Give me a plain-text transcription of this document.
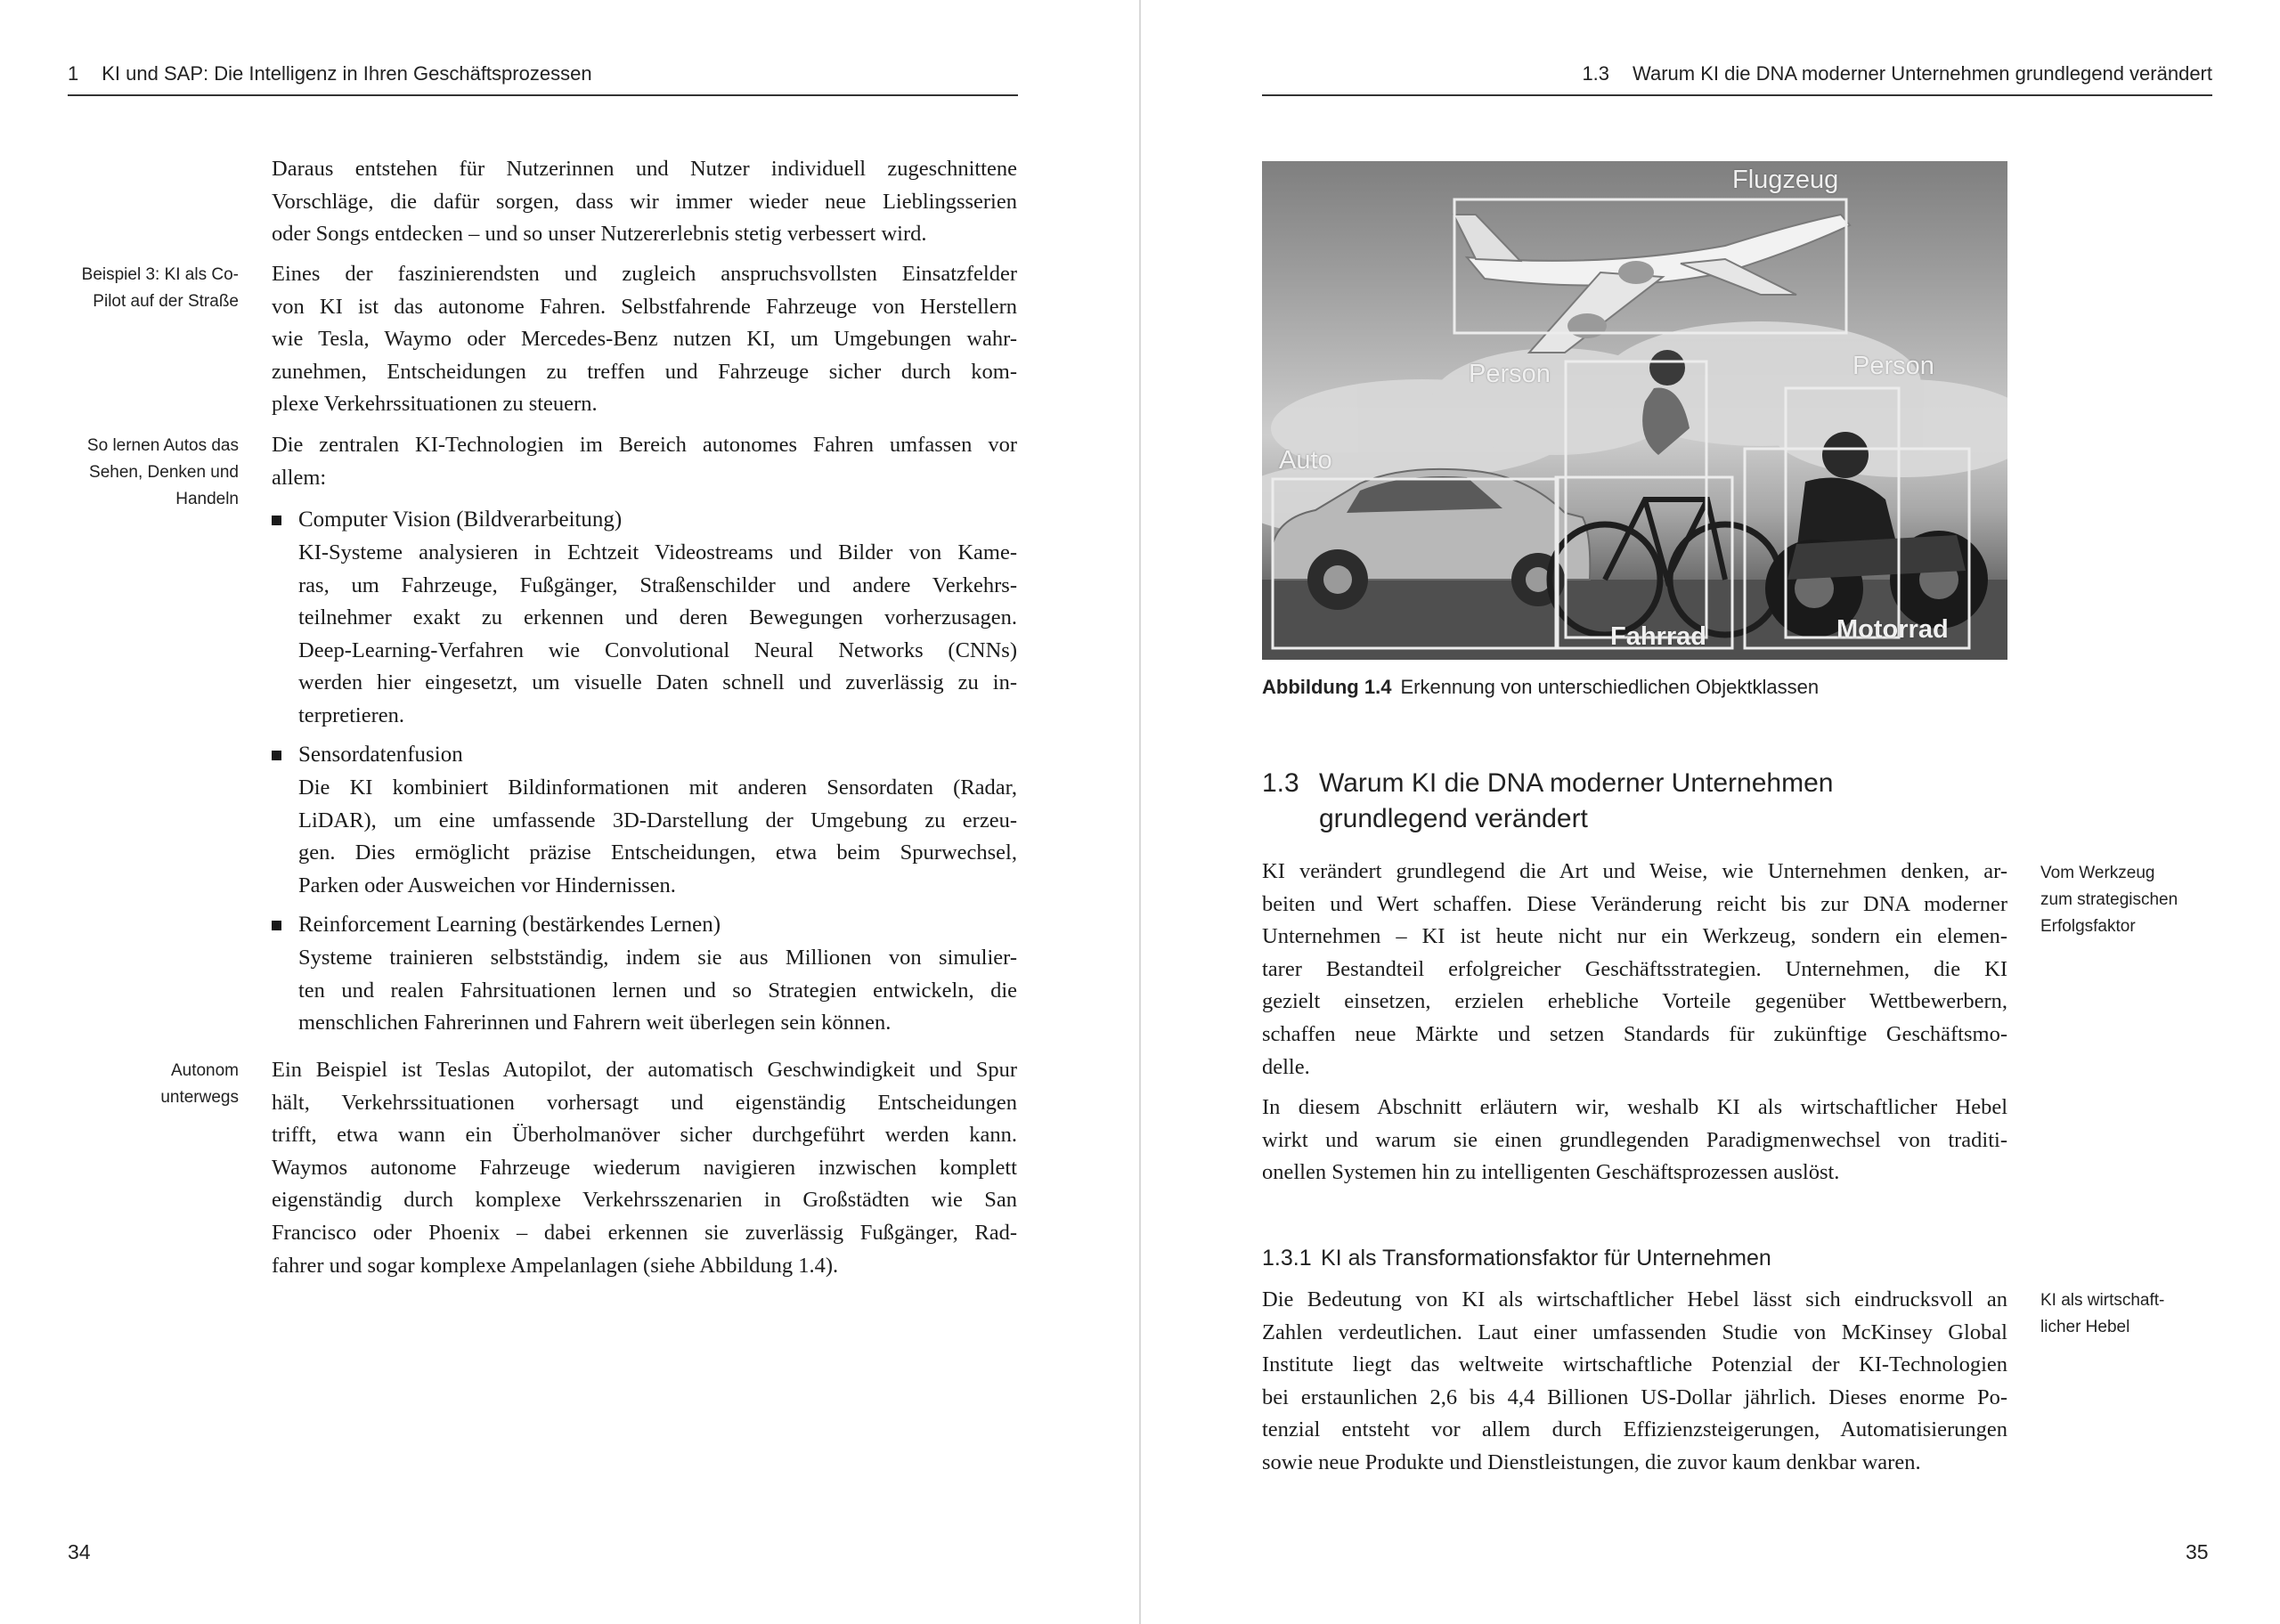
1 KI und SAP: Die Intelligenz in Ihren Geschäftsprozessen
Beispiel 3: KI als Co-
Pilot auf der Straße
So lernen Autos das
Sehen, Denken und
Handeln
Autonom
unterwegs
Daraus entstehen für Nutzerinnen und Nutzer individuell zugeschnittene
Vorschläge, die dafür sorgen, dass wir immer wieder neue Lieblingsserien
oder Songs entdecken – und so unser Nutzererlebnis stetig verbessert wird.
Eines der faszinierendsten und zugleich anspruchsvollsten Einsatzfelder
von KI ist das autonome Fahren. Selbstfahrende Fahrzeuge von Herstellern
wie Tesla, Waymo oder Mercedes-Benz nutzen KI, um Umgebungen wahr-
zunehmen, Entscheidungen zu treffen und Fahrzeuge sicher durch kom-
plexe Verkehrssituationen zu steuern.
Die zentralen KI-Technologien im Bereich autonomes Fahren umfassen vor
allem:
Computer Vision (Bildverarbeitung)
KI-Systeme analysieren in Echtzeit Videostreams und Bilder von Kame-
ras, um Fahrzeuge, Fußgänger, Straßenschilder und andere Verkehrs-
teilnehmer exakt zu erkennen und deren Bewegungen vorherzusagen.
Deep-Learning-Verfahren wie Convolutional Neural Networks (CNNs)
werden hier eingesetzt, um visuelle Daten schnell und zuverlässig zu in-
terpretieren.
Sensordatenfusion
Die KI kombiniert Bildinformationen mit anderen Sensordaten (Radar,
LiDAR), um eine umfassende 3D-Darstellung der Umgebung zu erzeu-
gen. Dies ermöglicht präzise Entscheidungen, etwa beim Spurwechsel,
Parken oder Ausweichen vor Hindernissen.
Reinforcement Learning (bestärkendes Lernen)
Systeme trainieren selbstständig, indem sie aus Millionen von simulier-
ten und realen Fahrsituationen lernen und so Strategien entwickeln, die
menschlichen Fahrerinnen und Fahrern weit überlegen sein können.
Ein Beispiel ist Teslas Autopilot, der automatisch Geschwindigkeit und Spur
hält, Verkehrssituationen vorhersagt und eigenständig Entscheidungen
trifft, etwa wann ein Überholmanöver sicher durchgeführt werden kann.
Waymos autonome Fahrzeuge wiederum navigieren inzwischen komplett
eigenständig durch komplexe Verkehrsszenarien in Großstädten wie San
Francisco oder Phoenix – dabei erkennen sie zuverlässig Fußgänger, Rad-
fahrer und sogar komplexe Ampelanlagen (siehe Abbildung 1.4).
34
1.3 Warum KI die DNA moderner Unternehmen grundlegend verändert
Flugzeug
Person	Person
Auto
Fahrrad	Motorrad
Abbildung 1.4 Erkennung von unterschiedlichen Objektklassen
1.3 Warum KI die DNA moderner Unternehmen
grundlegend verändert
KI verändert grundlegend die Art und Weise, wie Unternehmen denken, ar-
beiten und Wert schaffen. Diese Veränderung reicht bis zur DNA moderner
Unternehmen – KI ist heute nicht nur ein Werkzeug, sondern ein elemen-
tarer Bestandteil erfolgreicher Geschäftsstrategien. Unternehmen, die KI
gezielt einsetzen, erzielen erhebliche Vorteile gegenüber Wettbewerbern,
schaffen neue Märkte und setzen Standards für zukünftige Geschäftsmo-
delle.
In diesem Abschnitt erläutern wir, weshalb KI als wirtschaftlicher Hebel
wirkt und warum sie einen grundlegenden Paradigmenwechsel von traditi-
onellen Systemen hin zu intelligenten Geschäftsprozessen auslöst.
1.3.1 KI als Transformationsfaktor für Unternehmen
Die Bedeutung von KI als wirtschaftlicher Hebel lässt sich eindrucksvoll an
Zahlen verdeutlichen. Laut einer umfassenden Studie von McKinsey Global
Institute liegt das weltweite wirtschaftliche Potenzial der KI-Technologien
bei erstaunlichen 2,6 bis 4,4 Billionen US-Dollar jährlich. Dieses enorme Po-
tenzial entsteht vor allem durch Effizienzsteigerungen, Automatisierungen
sowie neue Produkte und Dienstleistungen, die zuvor kaum denkbar waren.
Vom Werkzeug
zum strategischen
Erfolgsfaktor
KI als wirtschaft-
licher Hebel
35
